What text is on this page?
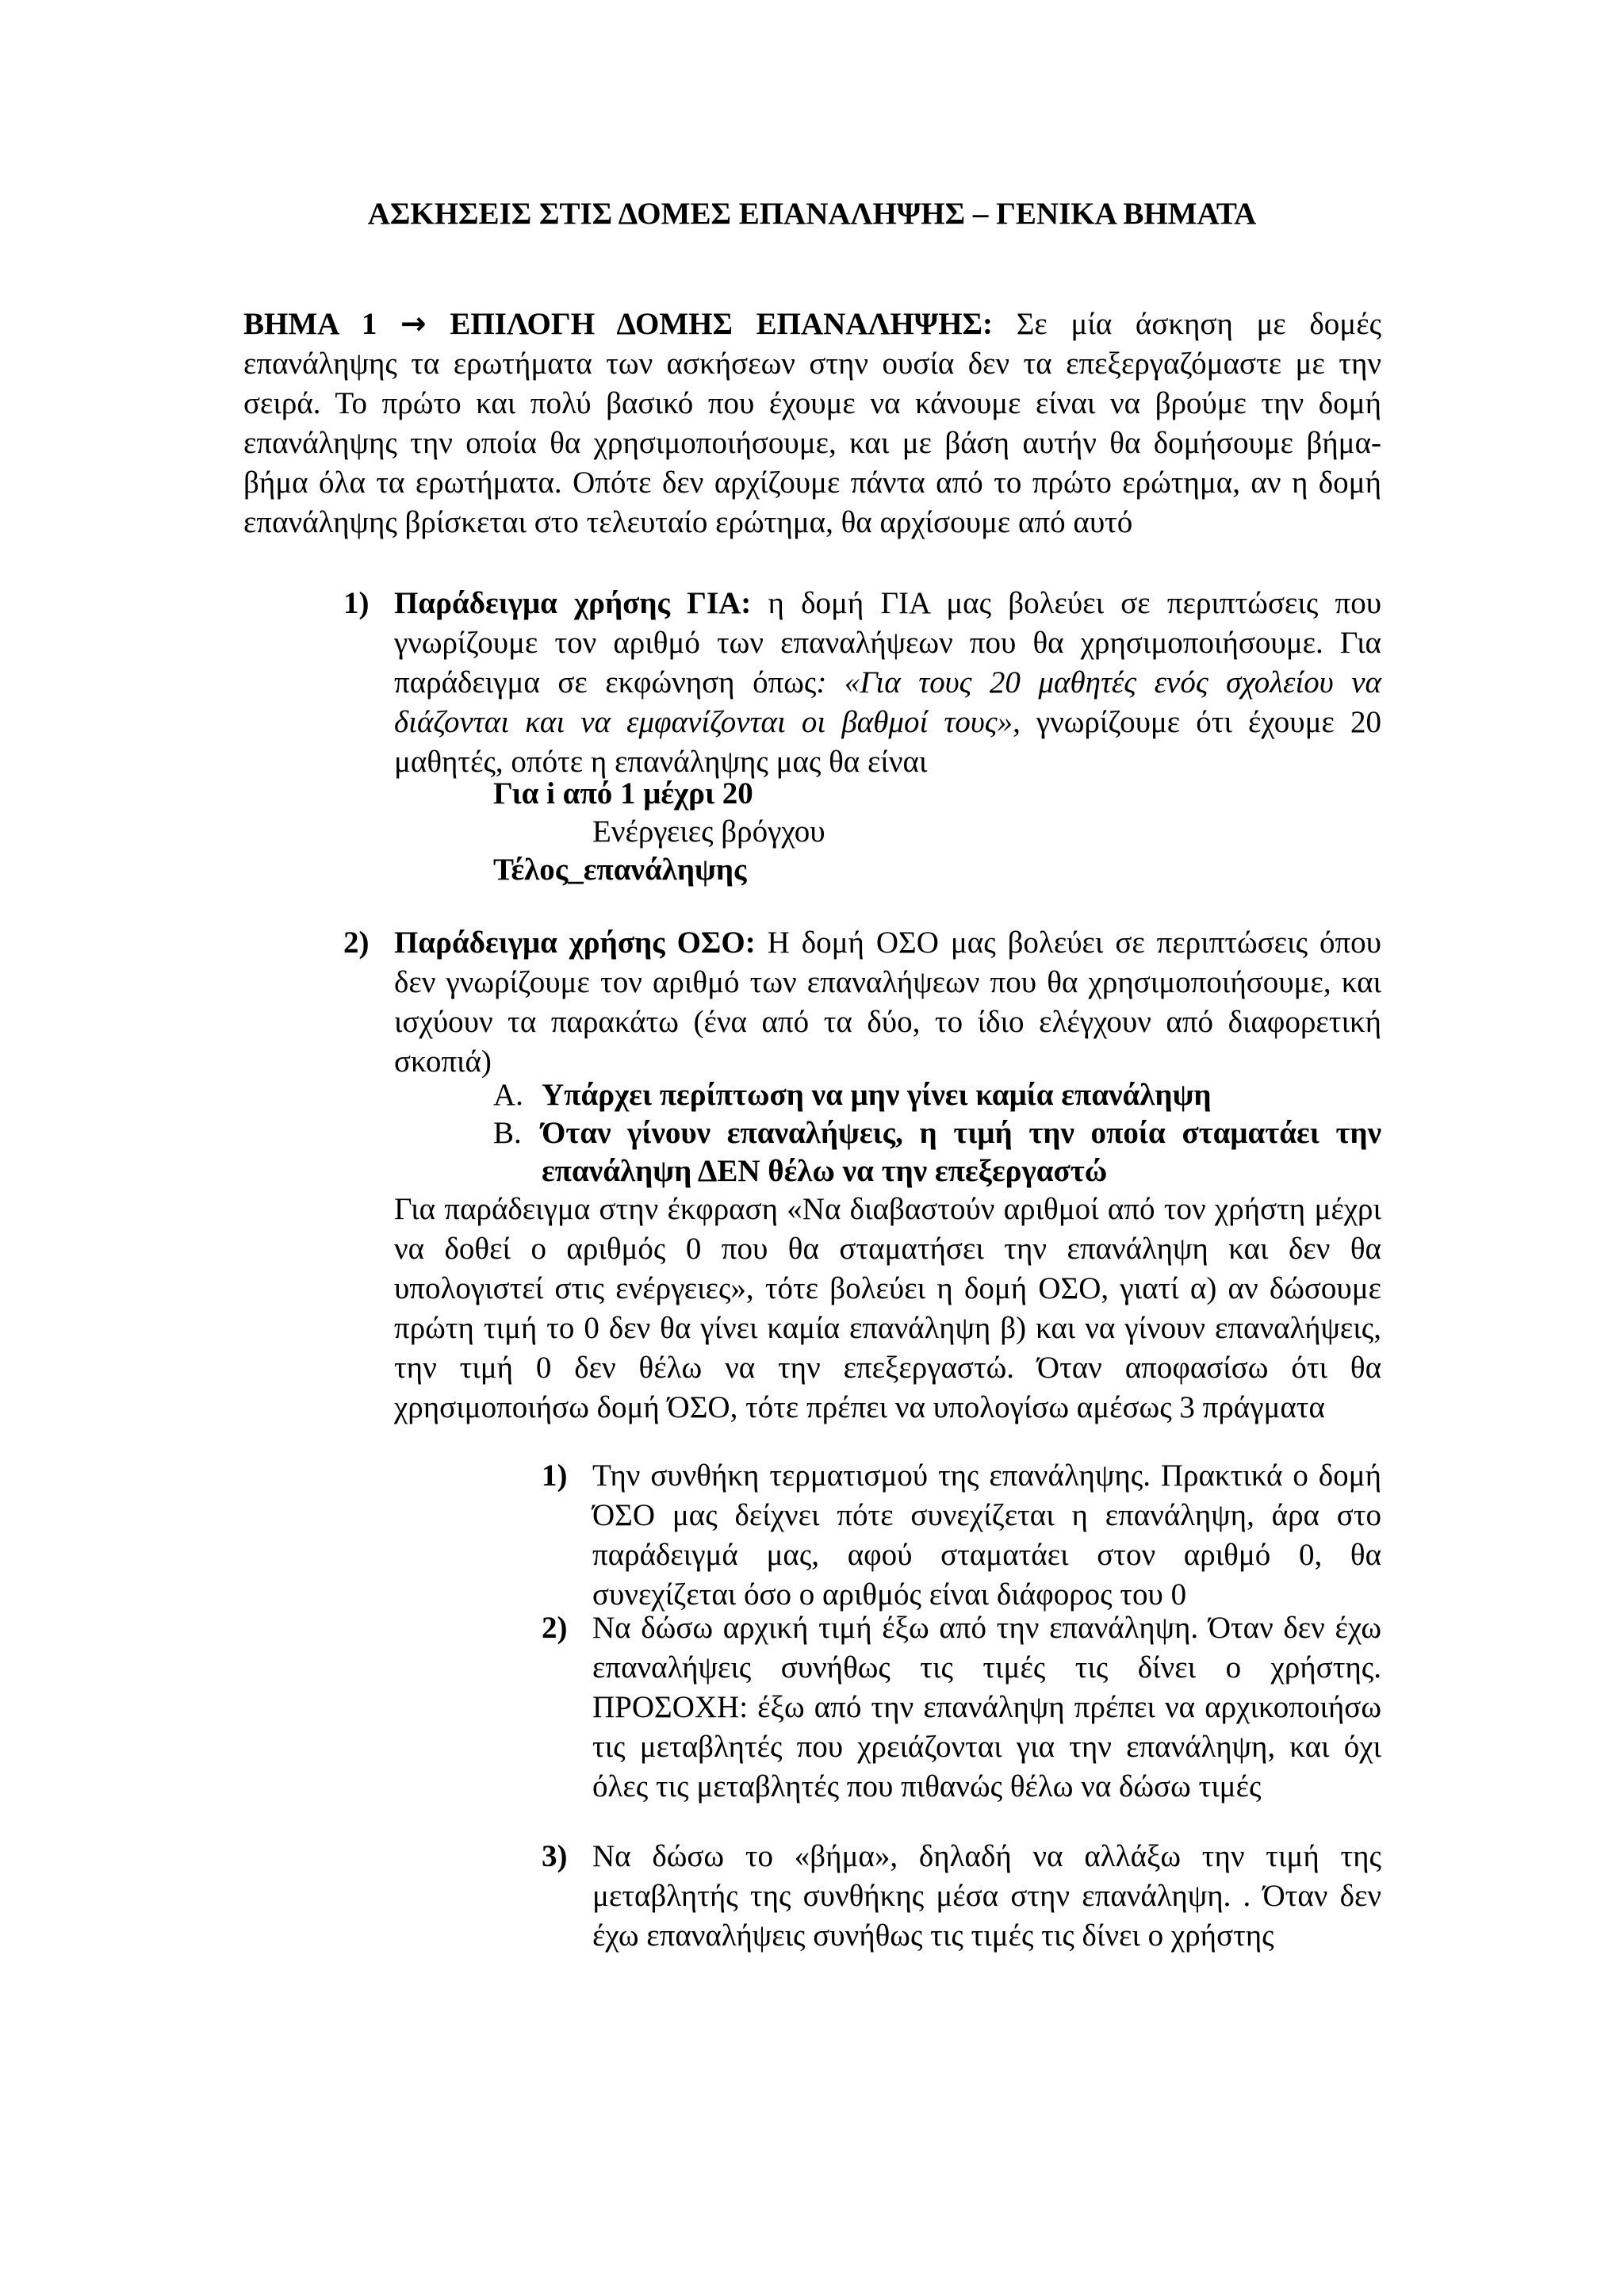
ΑΣΚΗΣΕΙΣ ΣΤΙΣ ΔΟΜΕΣ ΕΠΑΝΑΛΗΨΗΣ – ΓΕΝΙΚΑ ΒΗΜΑΤΑ
ΒΗΜΑ 1 → ΕΠΙΛΟΓΗ ΔΟΜΗΣ ΕΠΑΝΑΛΗΨΗΣ: Σε μία άσκηση με δομές επανάληψης τα ερωτήματα των ασκήσεων στην ουσία δεν τα επεξεργαζόμαστε με την σειρά. Το πρώτο και πολύ βασικό που έχουμε να κάνουμε είναι να βρούμε την δομή επανάληψης την οποία θα χρησιμοποιήσουμε, και με βάση αυτήν θα δομήσουμε βήμα-βήμα όλα τα ερωτήματα. Οπότε δεν αρχίζουμε πάντα από το πρώτο ερώτημα, αν η δομή επανάληψης βρίσκεται στο τελευταίο ερώτημα, θα αρχίσουμε από αυτό
1) Παράδειγμα χρήσης ΓΙΑ: η δομή ΓΙΑ μας βολεύει σε περιπτώσεις που γνωρίζουμε τον αριθμό των επαναλήψεων που θα χρησιμοποιήσουμε. Για παράδειγμα σε εκφώνηση όπως: «Για τους 20 μαθητές ενός σχολείου να διάζονται και να εμφανίζονται οι βαθμοί τους», γνωρίζουμε ότι έχουμε 20 μαθητές, οπότε η επανάληψης μας θα είναι
Για i από 1 μέχρι 20
Ενέργειες βρόγχου
Τέλος_επανάληψης
2) Παράδειγμα χρήσης ΟΣΟ: Η δομή ΟΣΟ μας βολεύει σε περιπτώσεις όπου δεν γνωρίζουμε τον αριθμό των επαναλήψεων που θα χρησιμοποιήσουμε, και ισχύουν τα παρακάτω (ένα από τα δύο, το ίδιο ελέγχουν από διαφορετική σκοπιά)
Α. Υπάρχει περίπτωση να μην γίνει καμία επανάληψη
Β. Όταν γίνουν επαναλήψεις, η τιμή την οποία σταματάει την
επανάληψη ΔΕΝ θέλω να την επεξεργαστώ
Για παράδειγμα στην έκφραση «Να διαβαστούν αριθμοί από τον χρήστη μέχρι να δοθεί ο αριθμός 0 που θα σταματήσει την επανάληψη και δεν θα υπολογιστεί στις ενέργειες», τότε βολεύει η δομή ΟΣΟ, γιατί α) αν δώσουμε πρώτη τιμή το 0 δεν θα γίνει καμία επανάληψη β) και να γίνουν επαναλήψεις, την τιμή 0 δεν θέλω να την επεξεργαστώ. Όταν αποφασίσω ότι θα χρησιμοποιήσω δομή ΌΣΟ, τότε πρέπει να υπολογίσω αμέσως 3 πράγματα
1) Την συνθήκη τερματισμού της επανάληψης. Πρακτικά ο δομή ΌΣΟ μας δείχνει πότε συνεχίζεται η επανάληψη, άρα στο παράδειγμά μας, αφού σταματάει στον αριθμό 0, θα συνεχίζεται όσο ο αριθμός είναι διάφορος του 0
2) Να δώσω αρχική τιμή έξω από την επανάληψη. Όταν δεν έχω επαναλήψεις συνήθως τις τιμές τις δίνει ο χρήστης. ΠΡΟΣΟΧΗ: έξω από την επανάληψη πρέπει να αρχικοποιήσω τις μεταβλητές που χρειάζονται για την επανάληψη, και όχι όλες τις μεταβλητές που πιθανώς θέλω να δώσω τιμές
3) Να δώσω το «βήμα», δηλαδή να αλλάξω την τιμή της μεταβλητής της συνθήκης μέσα στην επανάληψη. . Όταν δεν έχω επαναλήψεις συνήθως τις τιμές τις δίνει ο χρήστης
